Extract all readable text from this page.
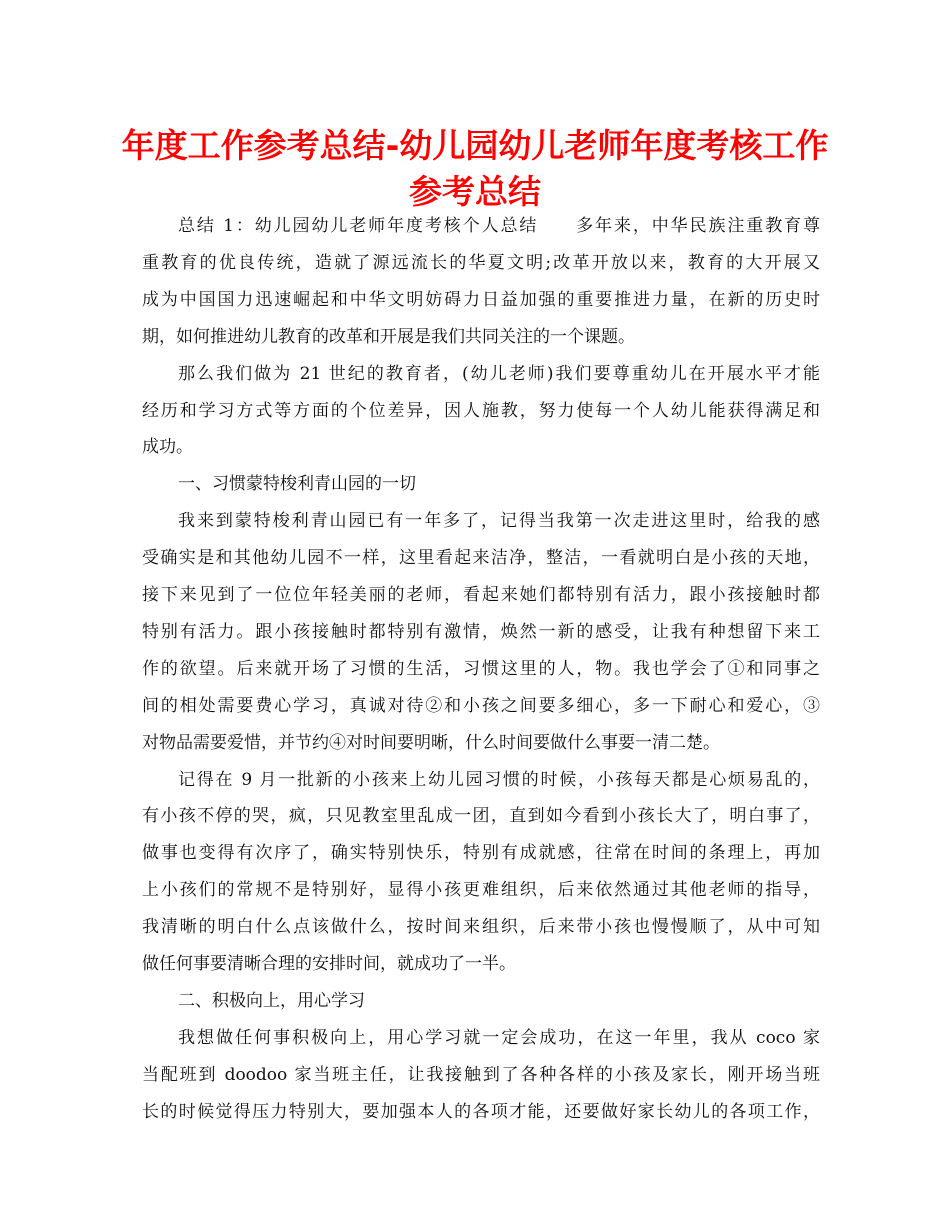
年度工作参考总结-幼儿园幼儿老师年度考核工作
参考总结
总结 1：幼儿园幼儿老师年度考核个人总结　　多年来，中华民族注重教育尊
重教育的优良传统，造就了源远流长的华夏文明;改革开放以来，教育的大开展又
成为中国国力迅速崛起和中华文明妨碍力日益加强的重要推进力量，在新的历史时
期，如何推进幼儿教育的改革和开展是我们共同关注的一个课题。
那么我们做为 21 世纪的教育者，(幼儿老师)我们要尊重幼儿在开展水平才能
经历和学习方式等方面的个位差异，因人施教，努力使每一个人幼儿能获得满足和
成功。
一、习惯蒙特梭利青山园的一切
我来到蒙特梭利青山园已有一年多了，记得当我第一次走进这里时，给我的感
受确实是和其他幼儿园不一样，这里看起来洁净，整洁，一看就明白是小孩的天地，
接下来见到了一位位年轻美丽的老师，看起来她们都特别有活力，跟小孩接触时都
特别有活力。跟小孩接触时都特别有激情，焕然一新的感受，让我有种想留下来工
作的欲望。后来就开场了习惯的生活，习惯这里的人，物。我也学会了①和同事之
间的相处需要费心学习，真诚对待②和小孩之间要多细心，多一下耐心和爱心，③
对物品需要爱惜，并节约④对时间要明晰，什么时间要做什么事要一清二楚。
记得在 9 月一批新的小孩来上幼儿园习惯的时候，小孩每天都是心烦易乱的，
有小孩不停的哭，疯，只见教室里乱成一团，直到如今看到小孩长大了，明白事了，
做事也变得有次序了，确实特别快乐，特别有成就感，往常在时间的条理上，再加
上小孩们的常规不是特别好，显得小孩更难组织，后来依然通过其他老师的指导，
我清晰的明白什么点该做什么，按时间来组织，后来带小孩也慢慢顺了，从中可知
做任何事要清晰合理的安排时间，就成功了一半。
二、积极向上，用心学习
我想做任何事积极向上，用心学习就一定会成功，在这一年里，我从 coco 家
当配班到 doodoo 家当班主任，让我接触到了各种各样的小孩及家长，刚开场当班
长的时候觉得压力特别大，要加强本人的各项才能，还要做好家长幼儿的各项工作，
